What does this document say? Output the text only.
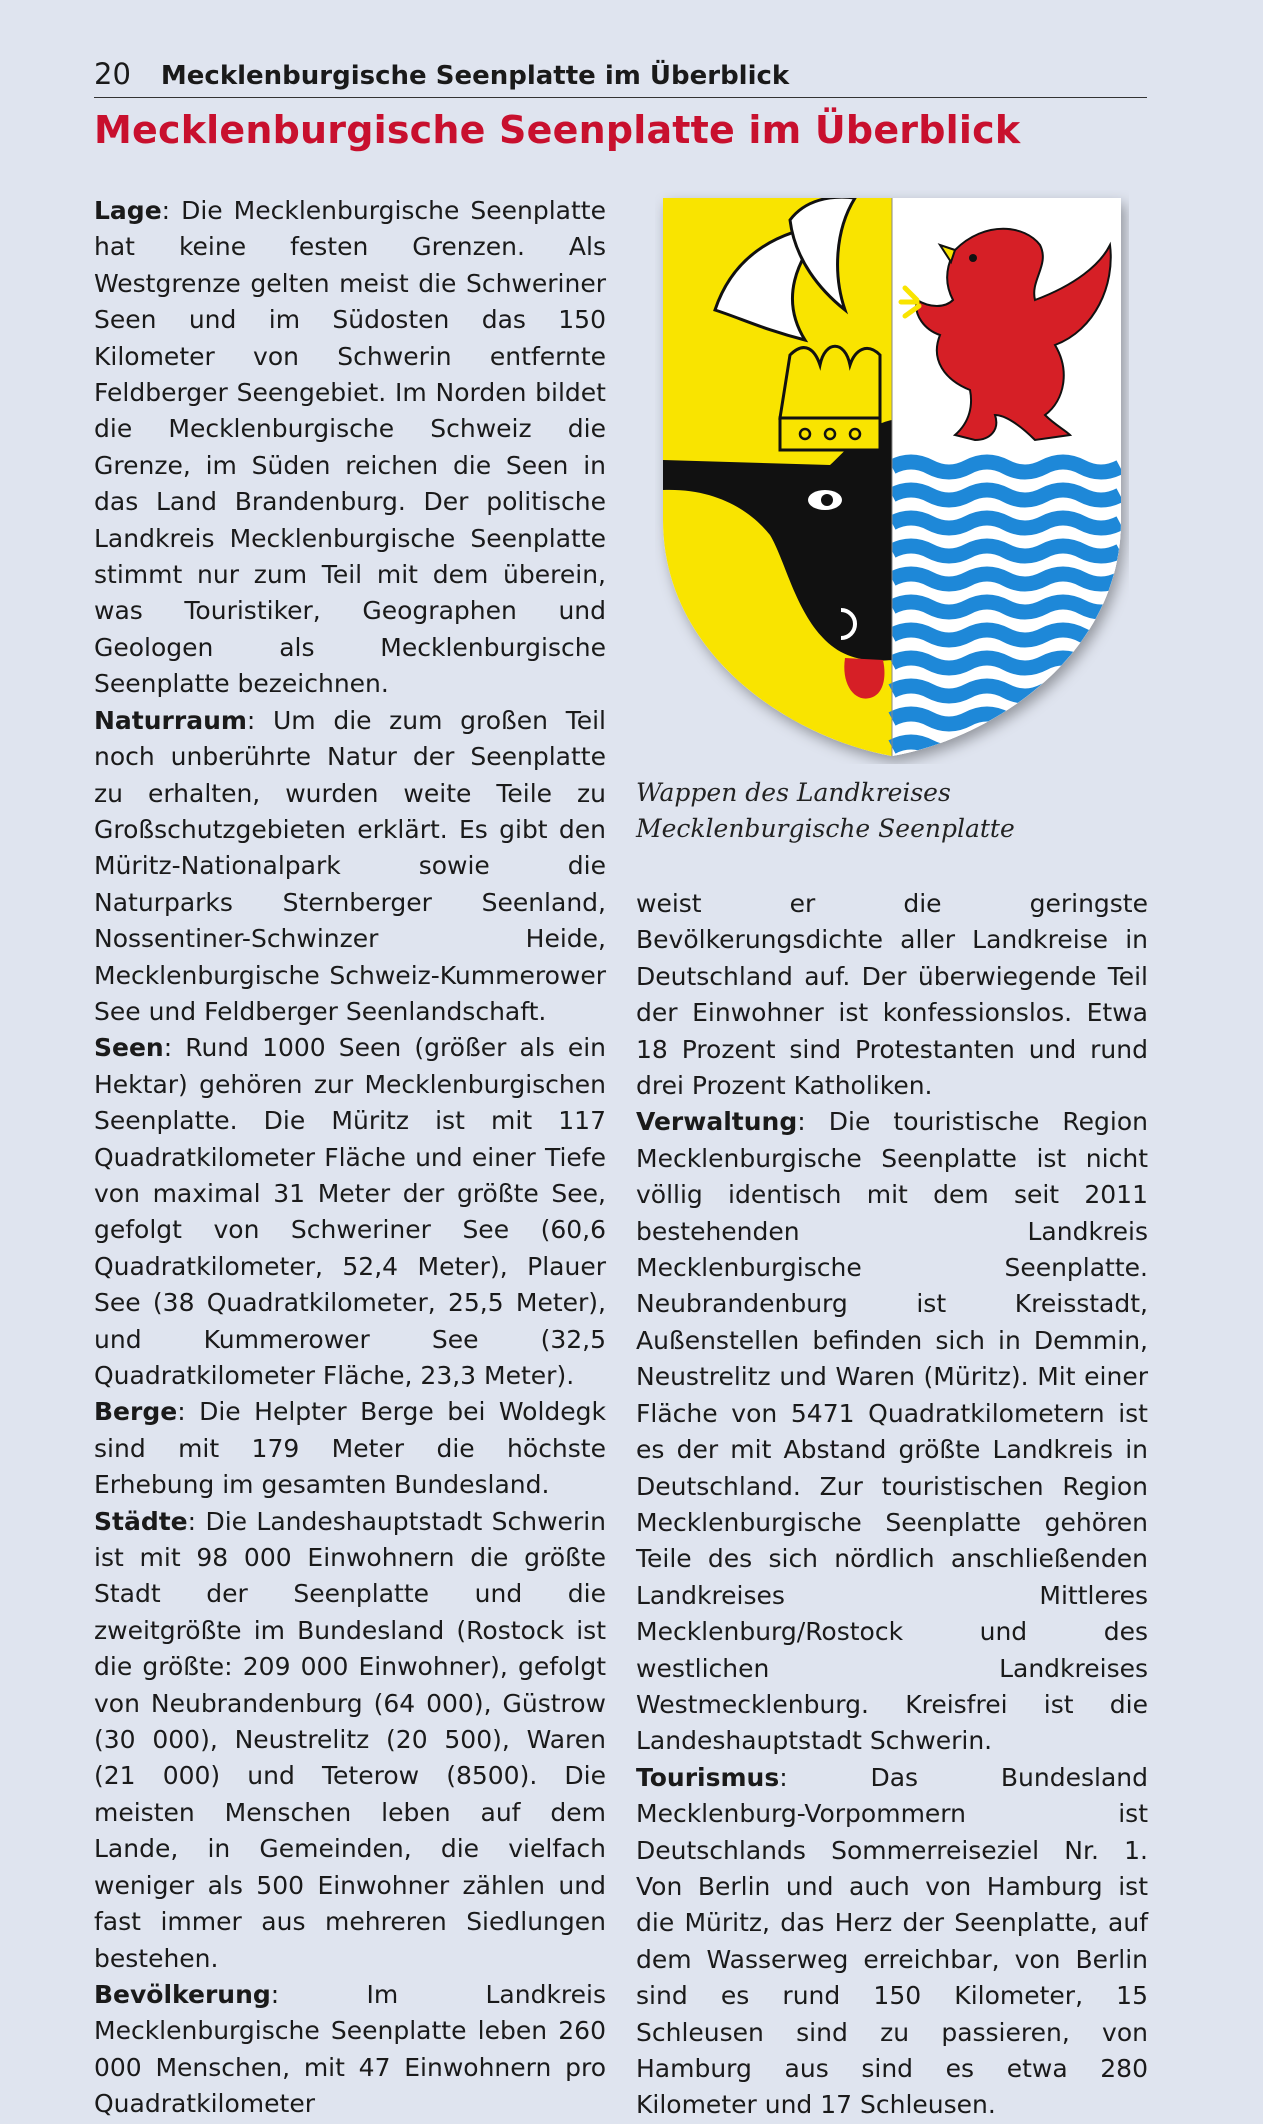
20 Mecklenburgische Seenplatte im Überblick
Mecklenburgische Seenplatte im Überblick

Lage: Die Mecklenburgische Seenplatte hat keine festen Grenzen. Als Westgrenze gelten meist die Schweriner Seen und im Südosten das 150 Kilometer von Schwerin entfernte Feldberger Seengebiet. Im Norden bildet die Mecklenburgische Schweiz die Grenze, im Süden reichen die Seen in das Land Brandenburg. Der politische Landkreis Mecklenburgische Seenplatte stimmt nur zum Teil mit dem überein, was Touristiker, Geographen und Geologen als Mecklenburgische Seenplatte bezeichnen.

Naturraum: Um die zum großen Teil noch unberührte Natur der Seenplatte zu erhalten, wurden weite Teile zu Großschutzgebieten erklärt. Es gibt den Müritz-Nationalpark sowie die Naturparks Sternberger Seenland, Nossentiner-Schwinzer Heide, Mecklenburgische Schweiz-Kummerower See und Feldberger Seenlandschaft.

Seen: Rund 1000 Seen (größer als ein Hektar) gehören zur Mecklenburgischen Seenplatte. Die Müritz ist mit 117 Quadratkilometer Fläche und einer Tiefe von maximal 31 Meter der größte See, gefolgt von Schweriner See (60,6 Quadratkilometer, 52,4 Meter), Plauer See (38 Quadratkilometer, 25,5 Meter), und Kummerower See (32,5 Quadratkilometer Fläche, 23,3 Meter).

Berge: Die Helpter Berge bei Woldegk sind mit 179 Meter die höchste Erhebung im gesamten Bundesland.

Städte: Die Landeshauptstadt Schwerin ist mit 98 000 Einwohnern die größte Stadt der Seenplatte und die zweitgrößte im Bundesland (Rostock ist die größte: 209 000 Einwohner), gefolgt von Neubrandenburg (64 000), Güstrow (30 000), Neustrelitz (20 500), Waren (21 000) und Teterow (8500). Die meisten Menschen leben auf dem Lande, in Gemeinden, die vielfach weniger als 500 Einwohner zählen und fast immer aus mehreren Siedlungen bestehen.

Bevölkerung: Im Landkreis Mecklenburgische Seenplatte leben 260 000 Menschen, mit 47 Einwohnern pro Quadratkilometer

Wappen des Landkreises Mecklenburgische Seenplatte

weist er die geringste Bevölkerungsdichte aller Landkreise in Deutschland auf. Der überwiegende Teil der Einwohner ist konfessionslos. Etwa 18 Prozent sind Protestanten und rund drei Prozent Katholiken.

Verwaltung: Die touristische Region Mecklenburgische Seenplatte ist nicht völlig identisch mit dem seit 2011 bestehenden Landkreis Mecklenburgische Seenplatte. Neubrandenburg ist Kreisstadt, Außenstellen befinden sich in Demmin, Neustrelitz und Waren (Müritz). Mit einer Fläche von 5471 Quadratkilometern ist es der mit Abstand größte Landkreis in Deutschland. Zur touristischen Region Mecklenburgische Seenplatte gehören Teile des sich nördlich anschließenden Landkreises Mittleres Mecklenburg/Rostock und des westlichen Landkreises Westmecklenburg. Kreisfrei ist die Landeshauptstadt Schwerin.

Tourismus: Das Bundesland Mecklenburg-Vorpommern ist Deutschlands Sommerreiseziel Nr. 1. Von Berlin und auch von Hamburg ist die Müritz, das Herz der Seenplatte, auf dem Wasserweg erreichbar, von Berlin sind es rund 150 Kilometer, 15 Schleusen sind zu passieren, von Hamburg aus sind es etwa 280 Kilometer und 17 Schleusen.
